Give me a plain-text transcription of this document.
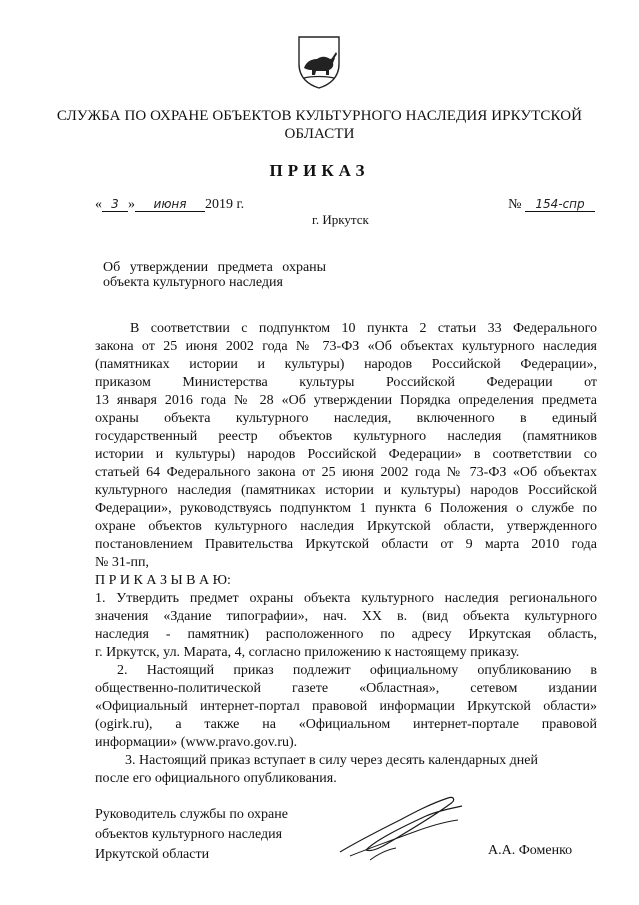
СЛУЖБА ПО ОХРАНЕ ОБЪЕКТОВ КУЛЬТУРНОГО НАСЛЕДИЯ ИРКУТСКОЙ
ОБЛАСТИ
ПРИКАЗ
« 3 » июня 2019 г.	№ 154-спр
г. Иркутск
Об утверждении предмета охраны
объекта культурного наследия
В соответствии с подпунктом 10 пункта 2 статьи 33 Федерального
закона от 25 июня 2002 года № 73-ФЗ «Об объектах культурного наследия
(памятниках истории и культуры) народов Российской Федерации»,
приказом Министерства культуры Российской Федерации от
13 января 2016 года № 28 «Об утверждении Порядка определения предмета
охраны объекта культурного наследия, включенного в единый
государственный реестр объектов культурного наследия (памятников
истории и культуры) народов Российской Федерации» в соответствии со
статьей 64 Федерального закона от 25 июня 2002 года № 73-ФЗ «Об объектах
культурного наследия (памятниках истории и культуры) народов Российской
Федерации», руководствуясь подпунктом 1 пункта 6 Положения о службе по
охране объектов культурного наследия Иркутской области, утвержденного
постановлением Правительства Иркутской области от 9 марта 2010 года
№ 31-пп,
П Р И К А З Ы В А Ю:
1. Утвердить предмет охраны объекта культурного наследия регионального
значения «Здание типографии», нач. XX в. (вид объекта культурного
наследия - памятник) расположенного по адресу Иркутская область,
г. Иркутск, ул. Марата, 4, согласно приложению к настоящему приказу.
2. Настоящий приказ подлежит официальному опубликованию в
общественно-политической газете «Областная», сетевом издании
«Официальный интернет-портал правовой информации Иркутской области»
(ogirk.ru), а также на «Официальном интернет-портале правовой
информации» (www.pravo.gov.ru).
3. Настоящий приказ вступает в силу через десять календарных дней
после его официального опубликования.
Руководитель службы по охране
объектов культурного наследия
Иркутской области	А.А. Фоменко
